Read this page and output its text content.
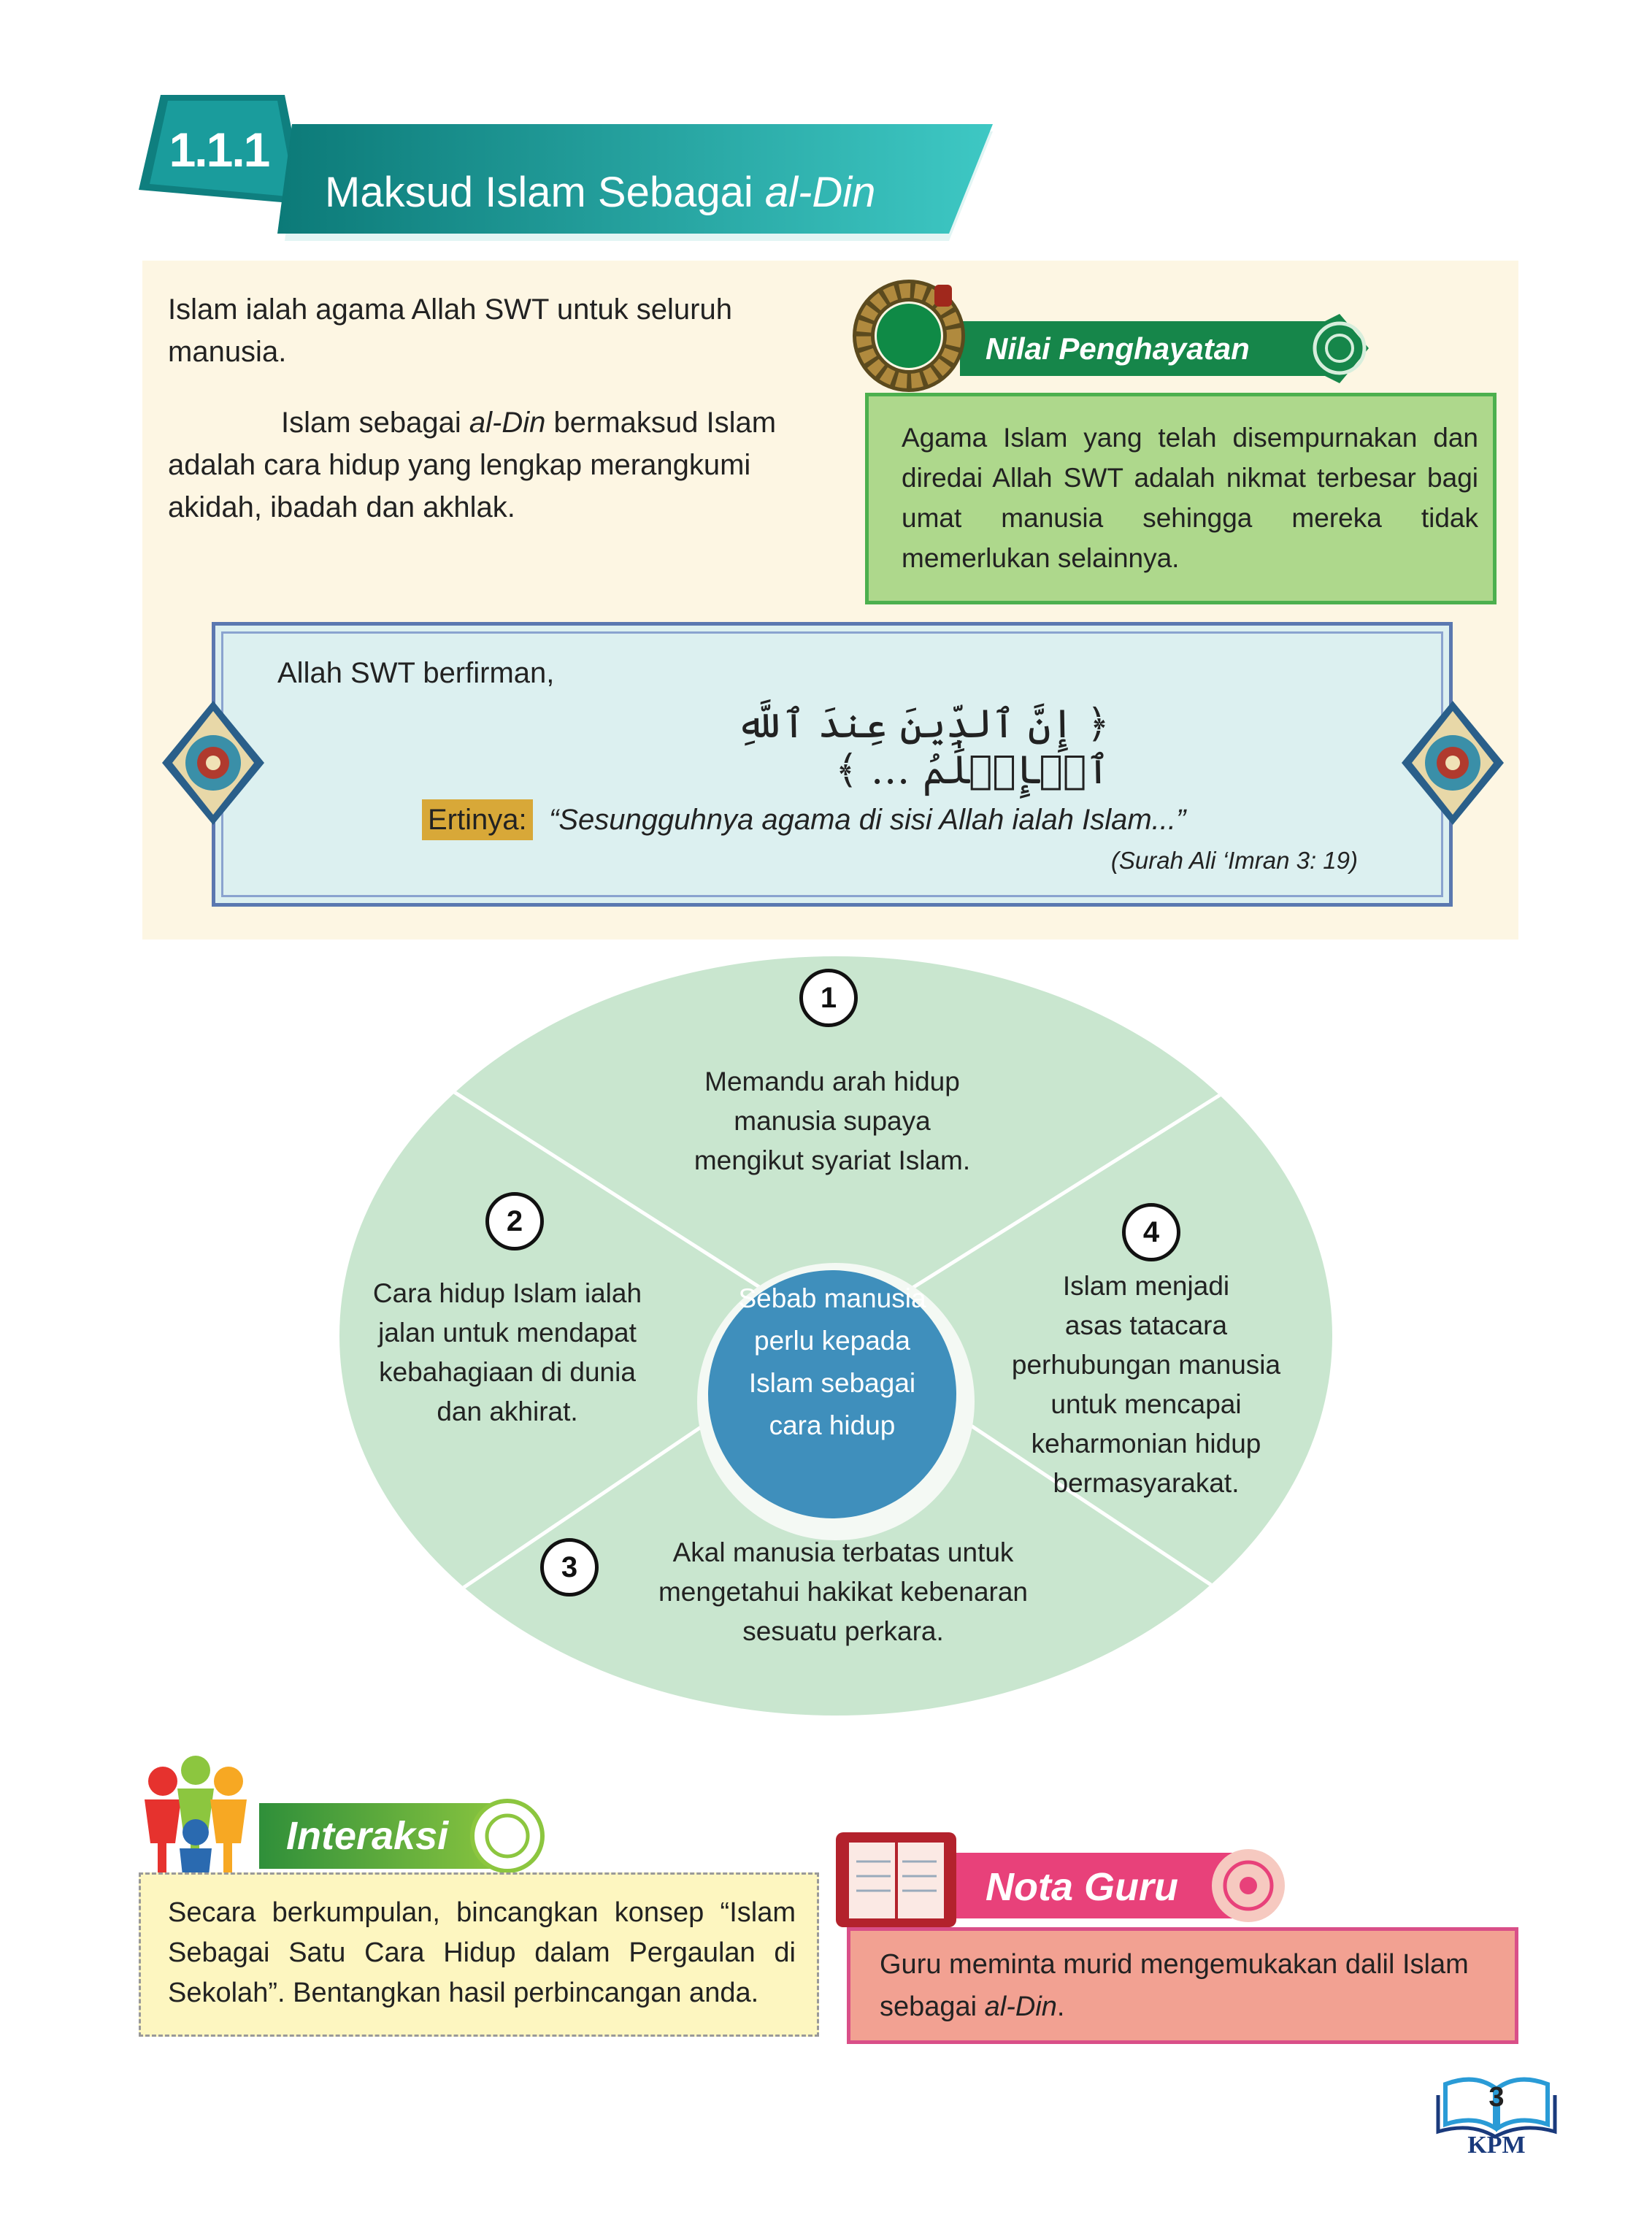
1.1.1
Maksud Islam Sebagai
al-Din
Islam ialah agama Allah SWT untuk seluruh manusia.
Islam sebagai al-Din bermaksud Islam adalah cara hidup yang lengkap merangkumi akidah, ibadah dan akhlak.
Nilai Penghayatan
Agama Islam yang telah disempurnakan dan diredai Allah SWT adalah nikmat terbesar bagi umat manusia sehingga mereka tidak memerlukan selainnya.
Allah SWT berfirman,
﴿ إِنَّ ٱلدِّينَ عِندَ ٱللَّهِ ٱلۡإِسۡلَٰمُ … ﴾
Ertinya: “Sesungguhnya agama di sisi Allah ialah Islam...”
(Surah Ali ‘Imran 3: 19)
Sebab manusia
perlu kepada
Islam sebagai
cara hidup
1
Memandu arah hidup
manusia supaya
mengikut syariat Islam.
2
Cara hidup Islam ialah
jalan untuk mendapat
kebahagiaan di dunia
dan akhirat.
3	Akal manusia terbatas untuk
mengetahui hakikat kebenaran
sesuatu perkara.
4
Islam menjadi
asas tatacara
perhubungan manusia
untuk mencapai
keharmonian hidup
bermasyarakat.
Interaksi
Secara berkumpulan, bincangkan konsep “Islam Sebagai Satu Cara Hidup dalam Pergaulan di Sekolah”. Bentangkan hasil perbincangan anda.
Nota Guru
Guru meminta murid mengemukakan dalil Islam sebagai al-Din.
3
KPM
